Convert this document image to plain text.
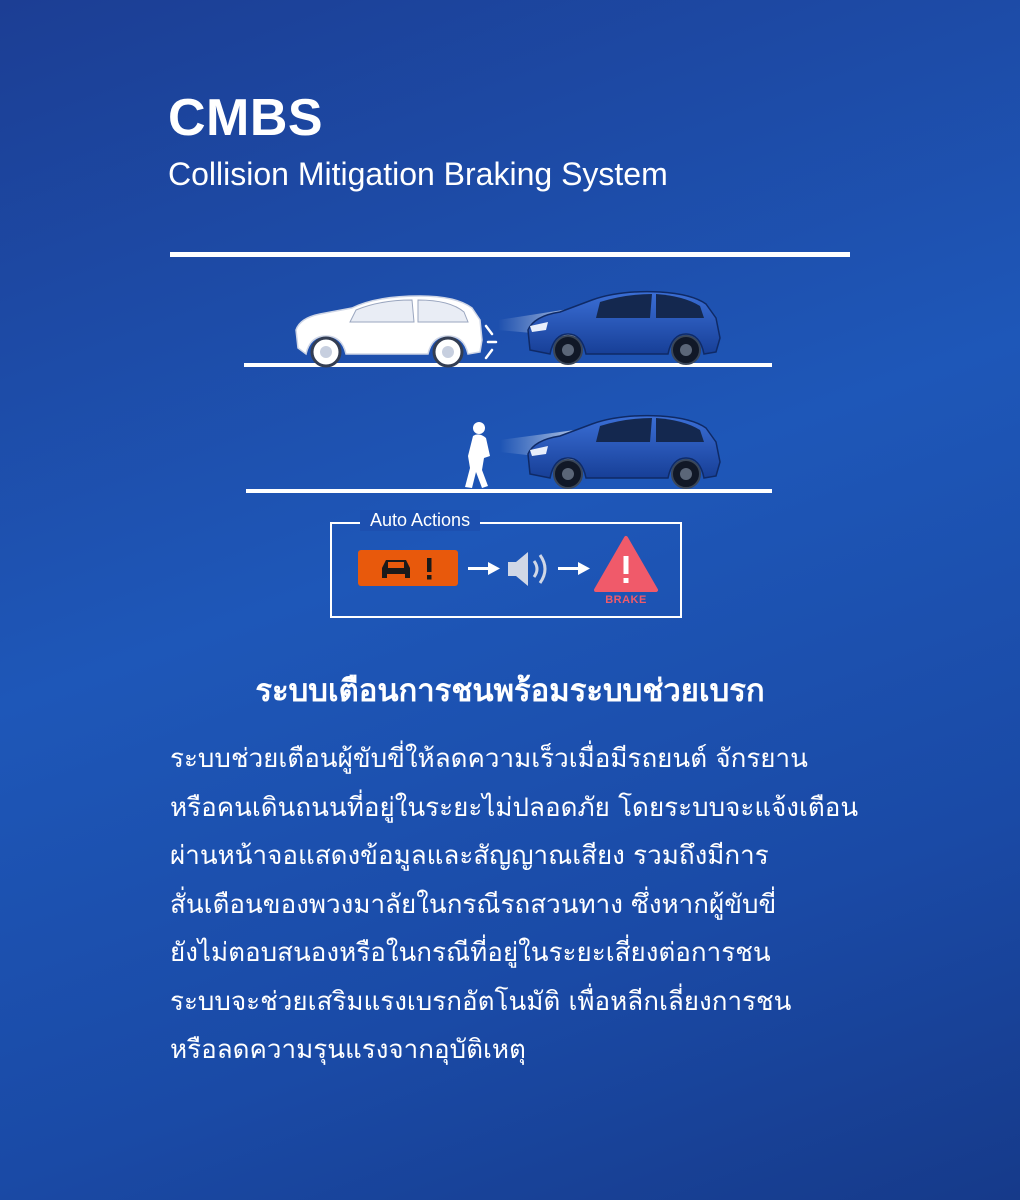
CMBS
Collision Mitigation Braking System
Auto Actions
BRAKE
ระบบเตือนการชนพร้อมระบบช่วยเบรก
ระบบช่วยเตือนผู้ขับขี่ให้ลดความเร็วเมื่อมีรถยนต์ จักรยาน
หรือคนเดินถนนที่อยู่ในระยะไม่ปลอดภัย โดยระบบจะแจ้งเตือน
ผ่านหน้าจอแสดงข้อมูลและสัญญาณเสียง รวมถึงมีการ
สั่นเตือนของพวงมาลัยในกรณีรถสวนทาง ซึ่งหากผู้ขับขี่
ยังไม่ตอบสนองหรือในกรณีที่อยู่ในระยะเสี่ยงต่อการชน
ระบบจะช่วยเสริมแรงเบรกอัตโนมัติ เพื่อหลีกเลี่ยงการชน
หรือลดความรุนแรงจากอุบัติเหตุ
